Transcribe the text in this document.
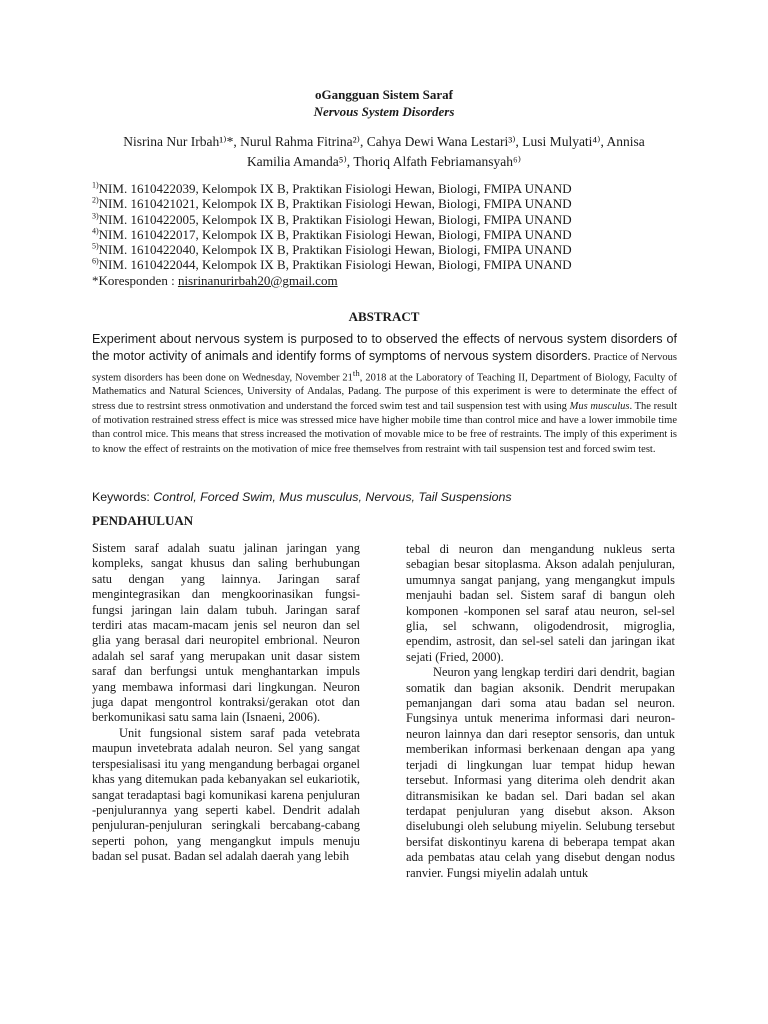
oGangguan Sistem Saraf
Nervous System Disorders
Nisrina Nur Irbah¹⁾*, Nurul Rahma Fitrina²⁾, Cahya Dewi Wana Lestari³⁾, Lusi Mulyati⁴⁾, Annisa
Kamilia Amanda⁵⁾, Thoriq Alfath Febriamansyah⁶⁾

$^{1)}$NIM. 1610422039, Kelompok IX B, Praktikan Fisiologi Hewan, Biologi, FMIPA UNAND

$^{2)}$NIM. 1610421021, Kelompok IX B, Praktikan Fisiologi Hewan, Biologi, FMIPA UNAND

$^{3)}$NIM. 1610422005, Kelompok IX B, Praktikan Fisiologi Hewan, Biologi, FMIPA UNAND

$^{4)}$NIM. 1610422017, Kelompok IX B, Praktikan Fisiologi Hewan, Biologi, FMIPA UNAND

$^{5)}$NIM. 1610422040, Kelompok IX B, Praktikan Fisiologi Hewan, Biologi, FMIPA UNAND

$^{6)}$NIM. 1610422044, Kelompok IX B, Praktikan Fisiologi Hewan, Biologi, FMIPA UNAND

*Koresponden : nisrinanurirbah20@gmail.com

ABSTRACT

Experiment about nervous system is purposed to to observed the effects of nervous system disorders of the motor activity of animals and identify forms of symptoms of nervous system disorders. Practice of Nervous system disorders has been done on Wednesday, November 21th, 2018 at the Laboratory of Teaching II, Department of Biology, Faculty of Mathematics and Natural Sciences, University of Andalas, Padang. The purpose of this experiment is were to determinate the effect of stress due to restrsint stress onmotivation and understand the forced swim test and tail suspension test with using Mus musculus. The result of motivation restrained stress effect is mice was stressed mice have higher mobile time than control mice and have a lower immobile time than control mice. This means that stress increased the motivation of movable mice to be free of restraints. The imply of this experiment is to know the effect of restraints on the motivation of mice free themselves from restraint with tail suspension test and forced swim test.

Keywords: Control, Forced Swim, Mus musculus, Nervous, Tail Suspensions

PENDAHULUAN

Sistem saraf adalah suatu jalinan jaringan yang kompleks, sangat khusus dan saling berhubungan satu dengan yang lainnya. Jaringan saraf mengintegrasikan dan mengkoorinasikan fungsi-fungsi jaringan lain dalam tubuh. Jaringan saraf terdiri atas macam-macam jenis sel neuron dan sel glia yang berasal dari neuropitel embrional. Neuron adalah sel saraf yang merupakan unit dasar sistem saraf dan berfungsi untuk menghantarkan impuls yang membawa informasi dari lingkungan. Neuron juga dapat mengontrol kontraksi/gerakan otot dan berkomunikasi satu sama lain (Isnaeni, 2006).

Unit fungsional sistem saraf pada vetebrata maupun invetebrata adalah neuron. Sel yang sangat terspesialisasi itu yang mengandung berbagai organel khas yang ditemukan pada kebanyakan sel eukariotik, sangat teradaptasi bagi komunikasi karena penjuluran -penjulurannya yang seperti kabel. Dendrit adalah penjuluran-penjuluran seringkali bercabang-cabang seperti pohon, yang mengangkut impuls menuju badan sel pusat. Badan sel adalah daerah yang lebih

tebal di neuron dan mengandung nukleus serta sebagian besar sitoplasma. Akson adalah penjuluran, umumnya sangat panjang, yang mengangkut impuls menjauhi badan sel. Sistem saraf di bangun oleh komponen -komponen sel saraf atau neuron, sel-sel glia, sel schwann, oligodendrosit, migroglia, ependim, astrosit, dan sel-sel sateli dan jaringan ikat sejati (Fried, 2000).

Neuron yang lengkap terdiri dari dendrit, bagian somatik dan bagian aksonik. Dendrit merupakan pemanjangan dari soma atau badan sel neuron. Fungsinya untuk menerima informasi dari neuron-neuron lainnya dan dari reseptor sensoris, dan untuk memberikan informasi berkenaan dengan apa yang terjadi di lingkungan luar tempat hidup hewan tersebut. Informasi yang diterima oleh dendrit akan ditransmisikan ke badan sel. Dari badan sel akan terdapat penjuluran yang disebut akson. Akson diselubungi oleh selubung miyelin. Selubung tersebut bersifat diskontinyu karena di beberapa tempat akan ada pembatas atau celah yang disebut dengan nodus ranvier. Fungsi miyelin adalah untuk
